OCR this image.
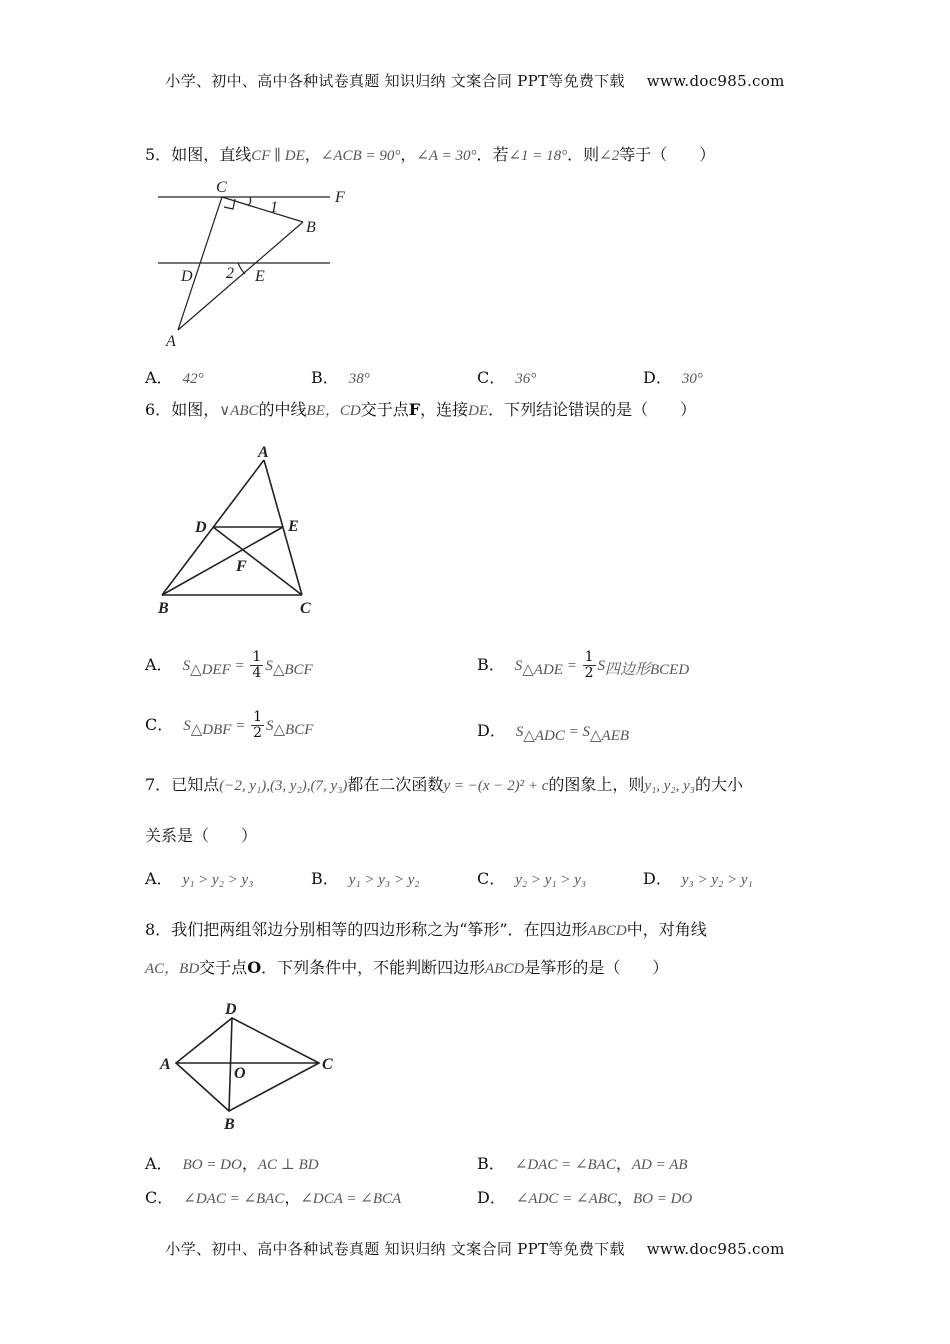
小学、初中、高中各种试卷真题 知识归纳 文案合同 PPT等免费下载 www.doc985.com
5．如图，直线CF ∥ DE，∠ACB = 90°，∠A = 30°．若∠1 = 18°．则∠2等于（　　）
C
F
1
B
D 2 E
A
A． 42°	B． 38°	C． 36°	D． 30°
6．如图，∨ABC的中线BE，CD交于点F，连接DE．下列结论错误的是（　　）
A
D	E
F
B	C
A． $S_{\triangle DEF} = \frac{1}{4} S_{\triangle BCF}$	B． $S_{\triangle ADE} = \frac{1}{2} S_{四边形BCED}$
C． $S_{\triangle DBF} = \frac{1}{2} S_{\triangle BCF}$	D． $S_{\triangle ADC} = S_{\triangle AEB}$
7．已知点(−2, y₁),(3, y₂),(7, y₃)都在二次函数y = −(x − 2)² + c的图象上，则y₁, y₂, y₃的大小
关系是（　　）
A． y₁ > y₂ > y₃	B． y₁ > y₃ > y₂	C． y₂ > y₁ > y₃	D． y₃ > y₂ > y₁
8．我们把两组邻边分别相等的四边形称之为“筝形”．在四边形ABCD中，对角线
AC，BD交于点O．下列条件中，不能判断四边形ABCD是筝形的是（　　）
D
A
O
C
B
A． BO = DO，AC ⊥ BD	B． ∠DAC = ∠BAC，AD = AB
C． ∠DAC = ∠BAC，∠DCA = ∠BCA	D． ∠ADC = ∠ABC，BO = DO
小学、初中、高中各种试卷真题 知识归纳 文案合同 PPT等免费下载 www.doc985.com
